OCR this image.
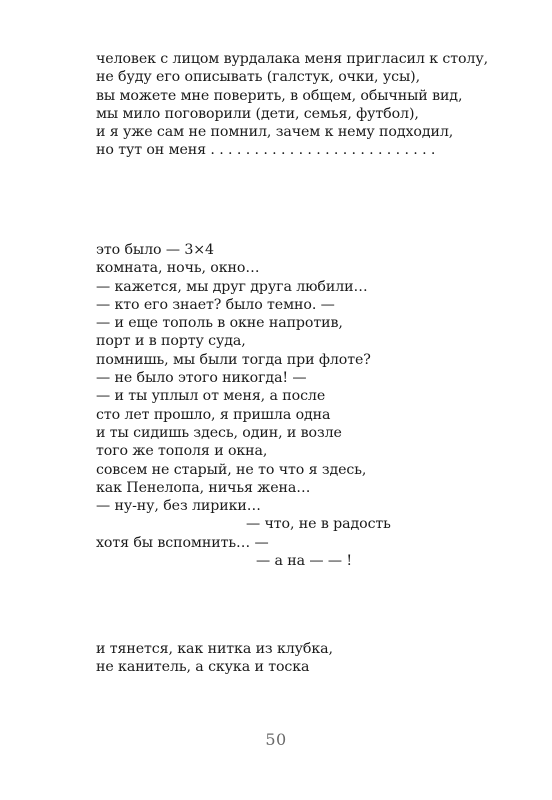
человек с лицом вурдалака меня пригласил к столу,
не буду его описывать (галстук, очки, усы),
вы можете мне поверить, в общем, обычный вид,
мы мило поговорили (дети, семья, футбол),
и я уже сам не помнил, зачем к нему подходил,
но тут он меня . . . . . . . . . . . . . . . . . . . . . . . . . .
это было — 3×4
комната, ночь, окно…
— кажется, мы друг друга любили…
— кто его знает? было темно. —
— и еще тополь в окне напротив,
порт и в порту суда,
помнишь, мы были тогда при флоте?
— не было этого никогда! —
— и ты уплыл от меня, а после
сто лет прошло, я пришла одна
и ты сидишь здесь, один, и возле
того же тополя и окна,
совсем не старый, не то что я здесь,
как Пенелопа, ничья жена…
— ну-ну, без лирики…
— что, не в радость
хотя бы вспомнить… —
— а на — — !
и тянется, как нитка из клубка,
не канитель, а скука и тоска
50
